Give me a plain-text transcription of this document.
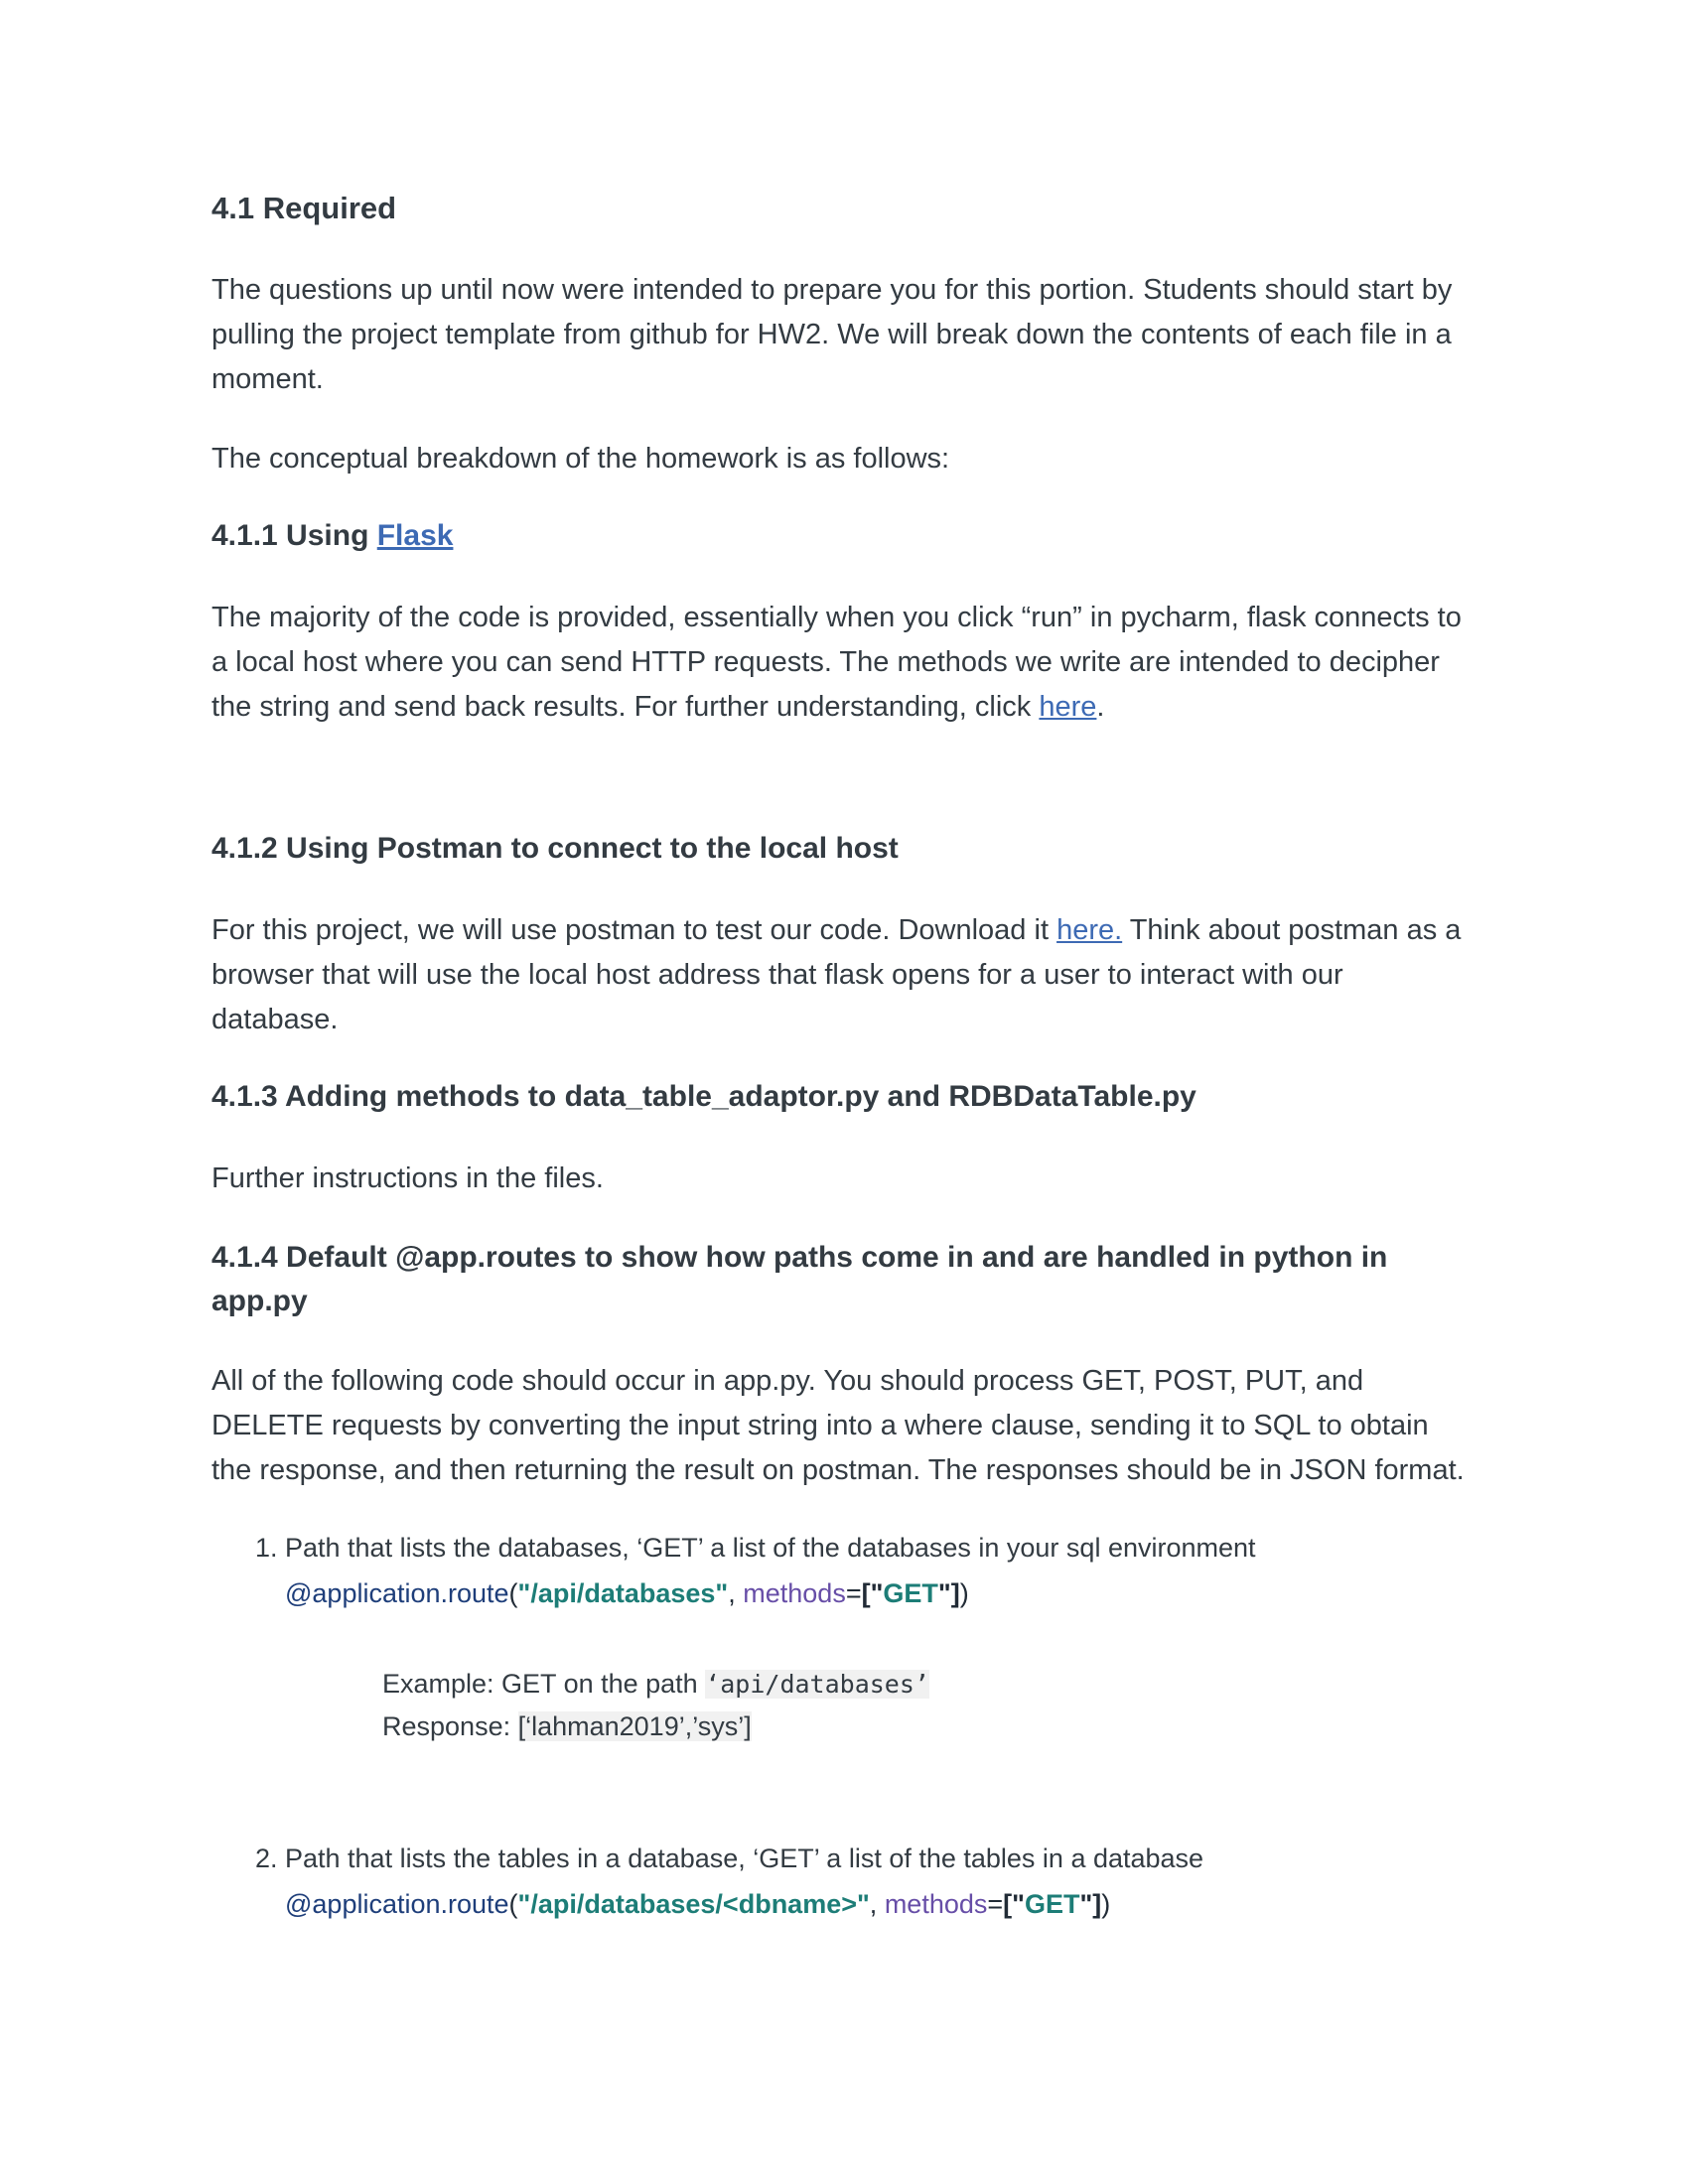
4.1 Required

The questions up until now were intended to prepare you for this portion. Students should start by pulling the project template from github for HW2. We will break down the contents of each file in a moment.

The conceptual breakdown of the homework is as follows:

4.1.1 Using Flask

The majority of the code is provided, essentially when you click “run” in pycharm, flask connects to a local host where you can send HTTP requests. The methods we write are intended to decipher the string and send back results. For further understanding, click here.

4.1.2 Using Postman to connect to the local host

For this project, we will use postman to test our code. Download it here. Think about postman as a browser that will use the local host address that flask opens for a user to interact with our database.

4.1.3 Adding methods to data_table_adaptor.py and RDBDataTable.py

Further instructions in the files.

4.1.4 Default @app.routes to show how paths come in and are handled in python in app.py

All of the following code should occur in app.py. You should process GET, POST, PUT, and DELETE requests by converting the input string into a where clause, sending it to SQL to obtain the response, and then returning the result on postman. The responses should be in JSON format.

1. Path that lists the databases, ‘GET’ a list of the databases in your sql environment
@application.route("/api/databases", methods=["GET"])
Example: GET on the path ‘api/databases’
Response: [‘lahman2019’,’sys’]
2. Path that lists the tables in a database, ‘GET’ a list of the tables in a database
@application.route("/api/databases/<dbname>", methods=["GET"])
